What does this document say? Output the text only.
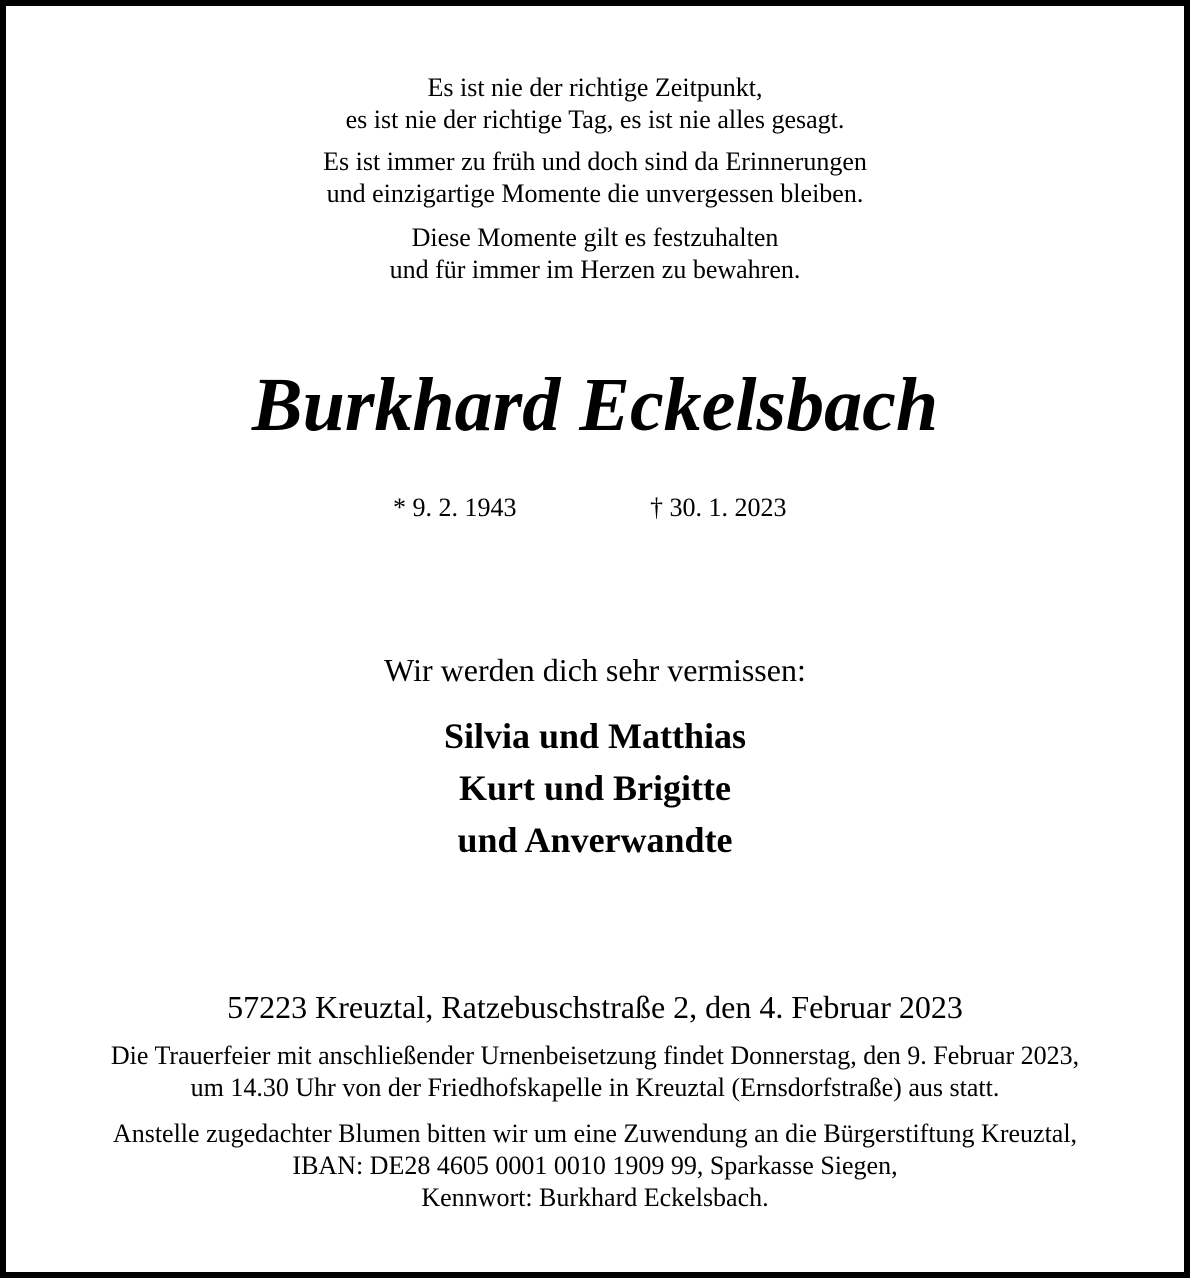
Es ist nie der richtige Zeitpunkt,
es ist nie der richtige Tag, es ist nie alles gesagt.
Es ist immer zu früh und doch sind da Erinnerungen
und einzigartige Momente die unvergessen bleiben.
Diese Momente gilt es festzuhalten
und für immer im Herzen zu bewahren.
Burkhard Eckelsbach
* 9. 2. 1943	† 30. 1. 2023
Wir werden dich sehr vermissen:
Silvia und Matthias
Kurt und Brigitte
und Anverwandte
57223 Kreuztal, Ratzebuschstraße 2, den 4. Februar 2023
Die Trauerfeier mit anschließender Urnenbeisetzung findet Donnerstag, den 9. Februar 2023,
um 14.30 Uhr von der Friedhofskapelle in Kreuztal (Ernsdorfstraße) aus statt.
Anstelle zugedachter Blumen bitten wir um eine Zuwendung an die Bürgerstiftung Kreuztal,
IBAN: DE28 4605 0001 0010 1909 99, Sparkasse Siegen,
Kennwort: Burkhard Eckelsbach.
